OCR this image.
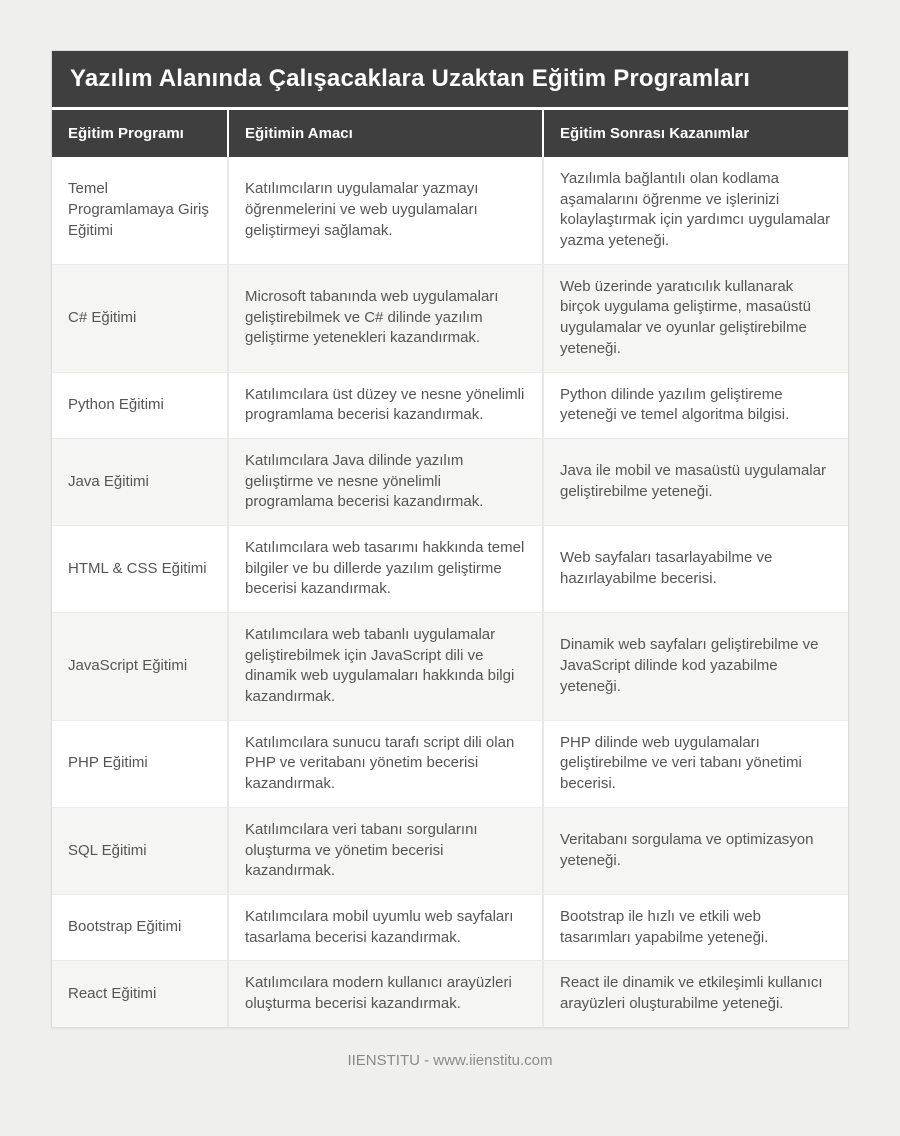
Yazılım Alanında Çalışacaklara Uzaktan Eğitim Programları
Eğitim Programı	Eğitimin Amacı	Eğitim Sonrası Kazanımlar
Temel Programlamaya Giriş Eğitimi
Katılımcıların uygulamalar yazmayı öğrenmelerini ve web uygulamaları geliştirmeyi sağlamak.
Yazılımla bağlantılı olan kodlama aşamalarını öğrenme ve işlerinizi kolaylaştırmak için yardımcı uygulamalar yazma yeteneği.
C# Eğitimi
Microsoft tabanında web uygulamaları geliştirebilmek ve C# dilinde yazılım geliştirme yetenekleri kazandırmak.
Web üzerinde yaratıcılık kullanarak birçok uygulama geliştirme, masaüstü uygulamalar ve oyunlar geliştirebilme yeteneği.
Python Eğitimi
Katılımcılara üst düzey ve nesne yönelimli programlama becerisi kazandırmak.
Python dilinde yazılım geliştireme yeteneği ve temel algoritma bilgisi.
Java Eğitimi
Katılımcılara Java dilinde yazılım geliıştirme ve nesne yönelimli programlama becerisi kazandırmak.
Java ile mobil ve masaüstü uygulamalar geliştirebilme yeteneği.
HTML & CSS Eğitimi
Katılımcılara web tasarımı hakkında temel bilgiler ve bu dillerde yazılım geliştirme becerisi kazandırmak.
Web sayfaları tasarlayabilme ve hazırlayabilme becerisi.
JavaScript Eğitimi
Katılımcılara web tabanlı uygulamalar geliştirebilmek için JavaScript dili ve dinamik web uygulamaları hakkında bilgi kazandırmak.
Dinamik web sayfaları geliştirebilme ve JavaScript dilinde kod yazabilme yeteneği.
PHP Eğitimi
Katılımcılara sunucu tarafı script dili olan PHP ve veritabanı yönetim becerisi kazandırmak.
PHP dilinde web uygulamaları geliştirebilme ve veri tabanı yönetimi becerisi.
SQL Eğitimi
Katılımcılara veri tabanı sorgularını oluşturma ve yönetim becerisi kazandırmak.
Veritabanı sorgulama ve optimizasyon yeteneği.
Bootstrap Eğitimi
Katılımcılara mobil uyumlu web sayfaları tasarlama becerisi kazandırmak.
Bootstrap ile hızlı ve etkili web tasarımları yapabilme yeteneği.
React Eğitimi
Katılımcılara modern kullanıcı arayüzleri oluşturma becerisi kazandırmak.
React ile dinamik ve etkileşimli kullanıcı arayüzleri oluşturabilme yeteneği.
IIENSTITU - www.iienstitu.com
